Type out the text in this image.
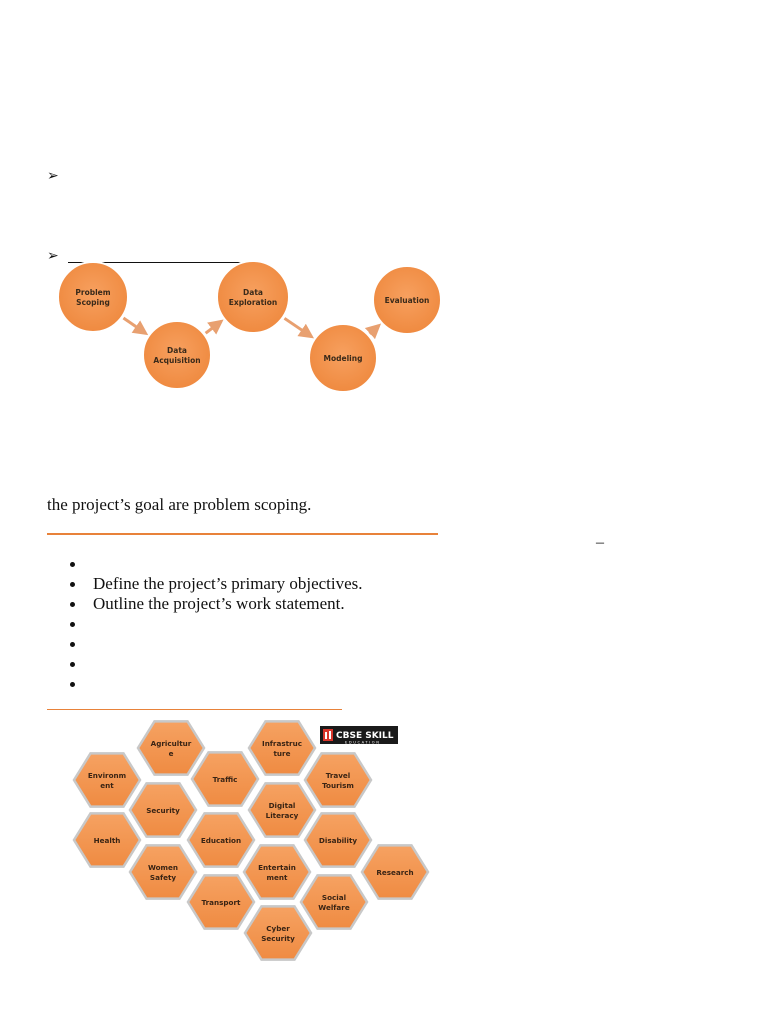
➢
➢
Problem
Scoping
Data
Acquisition
Data
Exploration
Modeling
Evaluation
the project’s goal are problem scoping.
–
Define the project’s primary objectives.
Outline the project’s work statement.
Agricultur
e
Infrastruc
ture
Environm
ent
Traffic	Travel
Tourism
Security
Digital
Literacy
Health	Education	Disability
Women
Safety
Entertain
ment
Research
Transport
Social
Welfare
Cyber
Security
CBSE SKILL
EDUCATION
